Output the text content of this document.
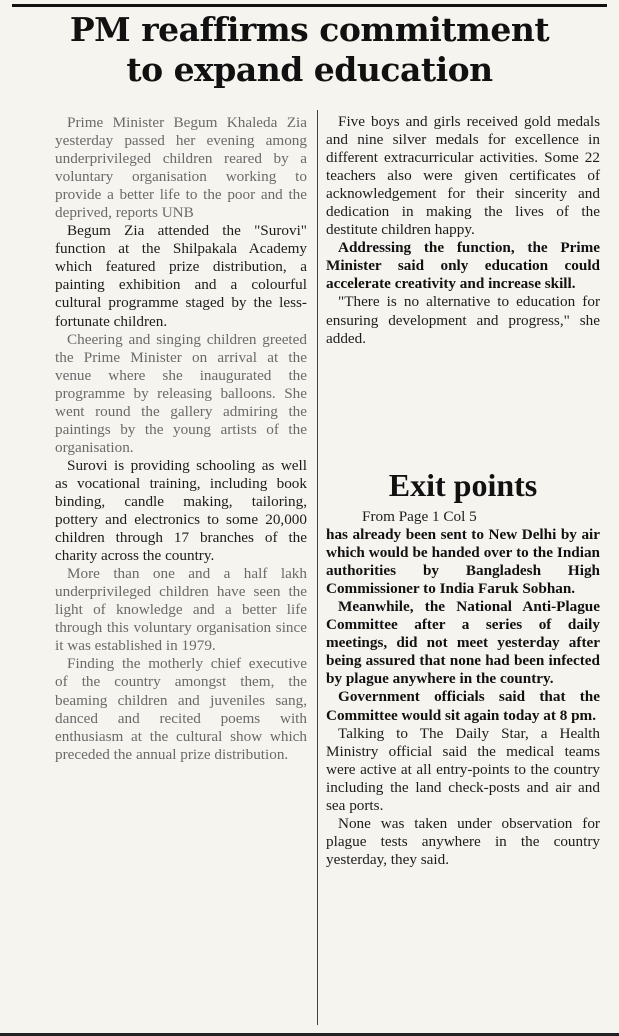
PM reaffirms commitment
to expand education

Prime Minister Begum Khaleda Zia yesterday passed her evening among underprivileged children reared by a voluntary organisation working to provide a better life to the poor and the deprived, reports UNB

Begum Zia attended the "Surovi" function at the Shilpakala Academy which featured prize distribution, a painting exhibition and a colourful cultural programme staged by the less-fortunate children.

Cheering and singing children greeted the Prime Minister on arrival at the venue where she inaugurated the programme by releasing balloons. She went round the gallery admiring the paintings by the young artists of the organisation.

Surovi is providing schooling as well as vocational training, including book binding, candle making, tailoring, pottery and electronics to some 20,000 children through 17 branches of the charity across the country.

More than one and a half lakh underprivileged children have seen the light of knowledge and a better life through this voluntary organisation since it was established in 1979.

Finding the motherly chief executive of the country amongst them, the beaming children and juveniles sang, danced and recited poems with enthusiasm at the cultural show which preceded the annual prize distribution.

Five boys and girls received gold medals and nine silver medals for excellence in different extracurricular activities. Some 22 teachers also were given certificates of acknowledgement for their sincerity and dedication in making the lives of the destitute children happy.

Addressing the function, the Prime Minister said only education could accelerate creativity and increase skill.

"There is no alternative to education for ensuring development and progress," she added.

Exit points

From Page 1 Col 5

has already been sent to New Delhi by air which would be handed over to the Indian authorities by Bangladesh High Commissioner to India Faruk Sobhan.

Meanwhile, the National Anti-Plague Committee after a series of daily meetings, did not meet yesterday after being assured that none had been infected by plague anywhere in the country.

Government officials said that the Committee would sit again today at 8 pm.

Talking to The Daily Star, a Health Ministry official said the medical teams were active at all entry-points to the country including the land check-posts and air and sea ports.

None was taken under observation for plague tests anywhere in the country yesterday, they said.
